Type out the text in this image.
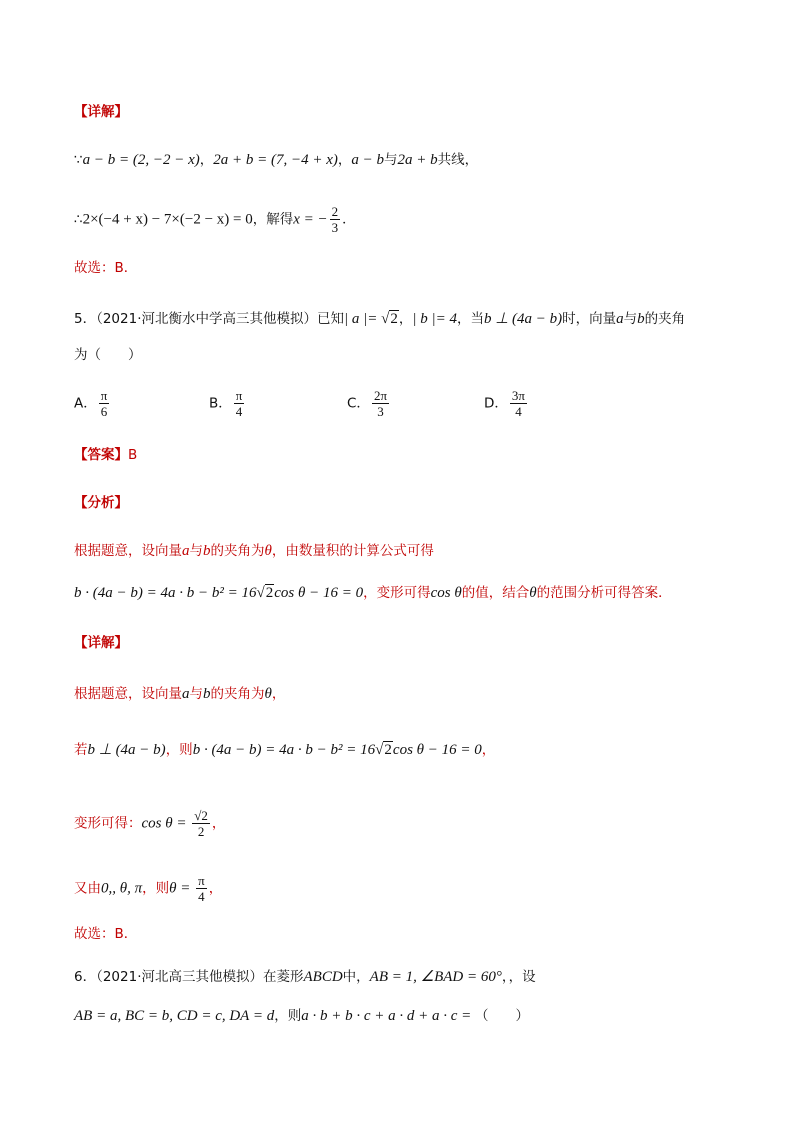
【详解】
∵a − b = (2, −2 − x)，2a + b = (7, −4 + x)，a − b与2a + b共线，
∴2×(−4 + x) − 7×(−2 − x) = 0，解得x = − $\frac{2}{3}$ ．
故选：B．
5．（2021·河北衡水中学高三其他模拟）已知| a |= √2，| b |= 4，当b ⊥ (4a − b)时，向量a与b的夹角
为（　　）
A． $\frac{\pi}{6}$	B． $\frac{\pi}{4}$	C． $\frac{2\pi}{3}$	D． $\frac{3\pi}{4}$
【答案】B
【分析】
根据题意，设向量a与b的夹角为θ，由数量积的计算公式可得
b · (4a − b) = 4a · b − b² = 16√2cos θ − 16 = 0，变形可得cos θ的值，结合θ的范围分析可得答案．
【详解】
根据题意，设向量a与b的夹角为θ，
若b ⊥ (4a − b)，则b · (4a − b) = 4a · b − b² = 16√2cos θ − 16 = 0，
变形可得：$\cos \theta = \frac{√2}{2}$ ，
又由0,, θ, π，则$\theta = \frac{\pi}{4}$ ，
故选：B．
6．（2021·河北高三其他模拟）在菱形ABCD中，AB = 1, ∠BAD = 60°，，设
AB = a, BC = b, CD = c, DA = d，则a · b + b · c + a · d + a · c = （　　）
